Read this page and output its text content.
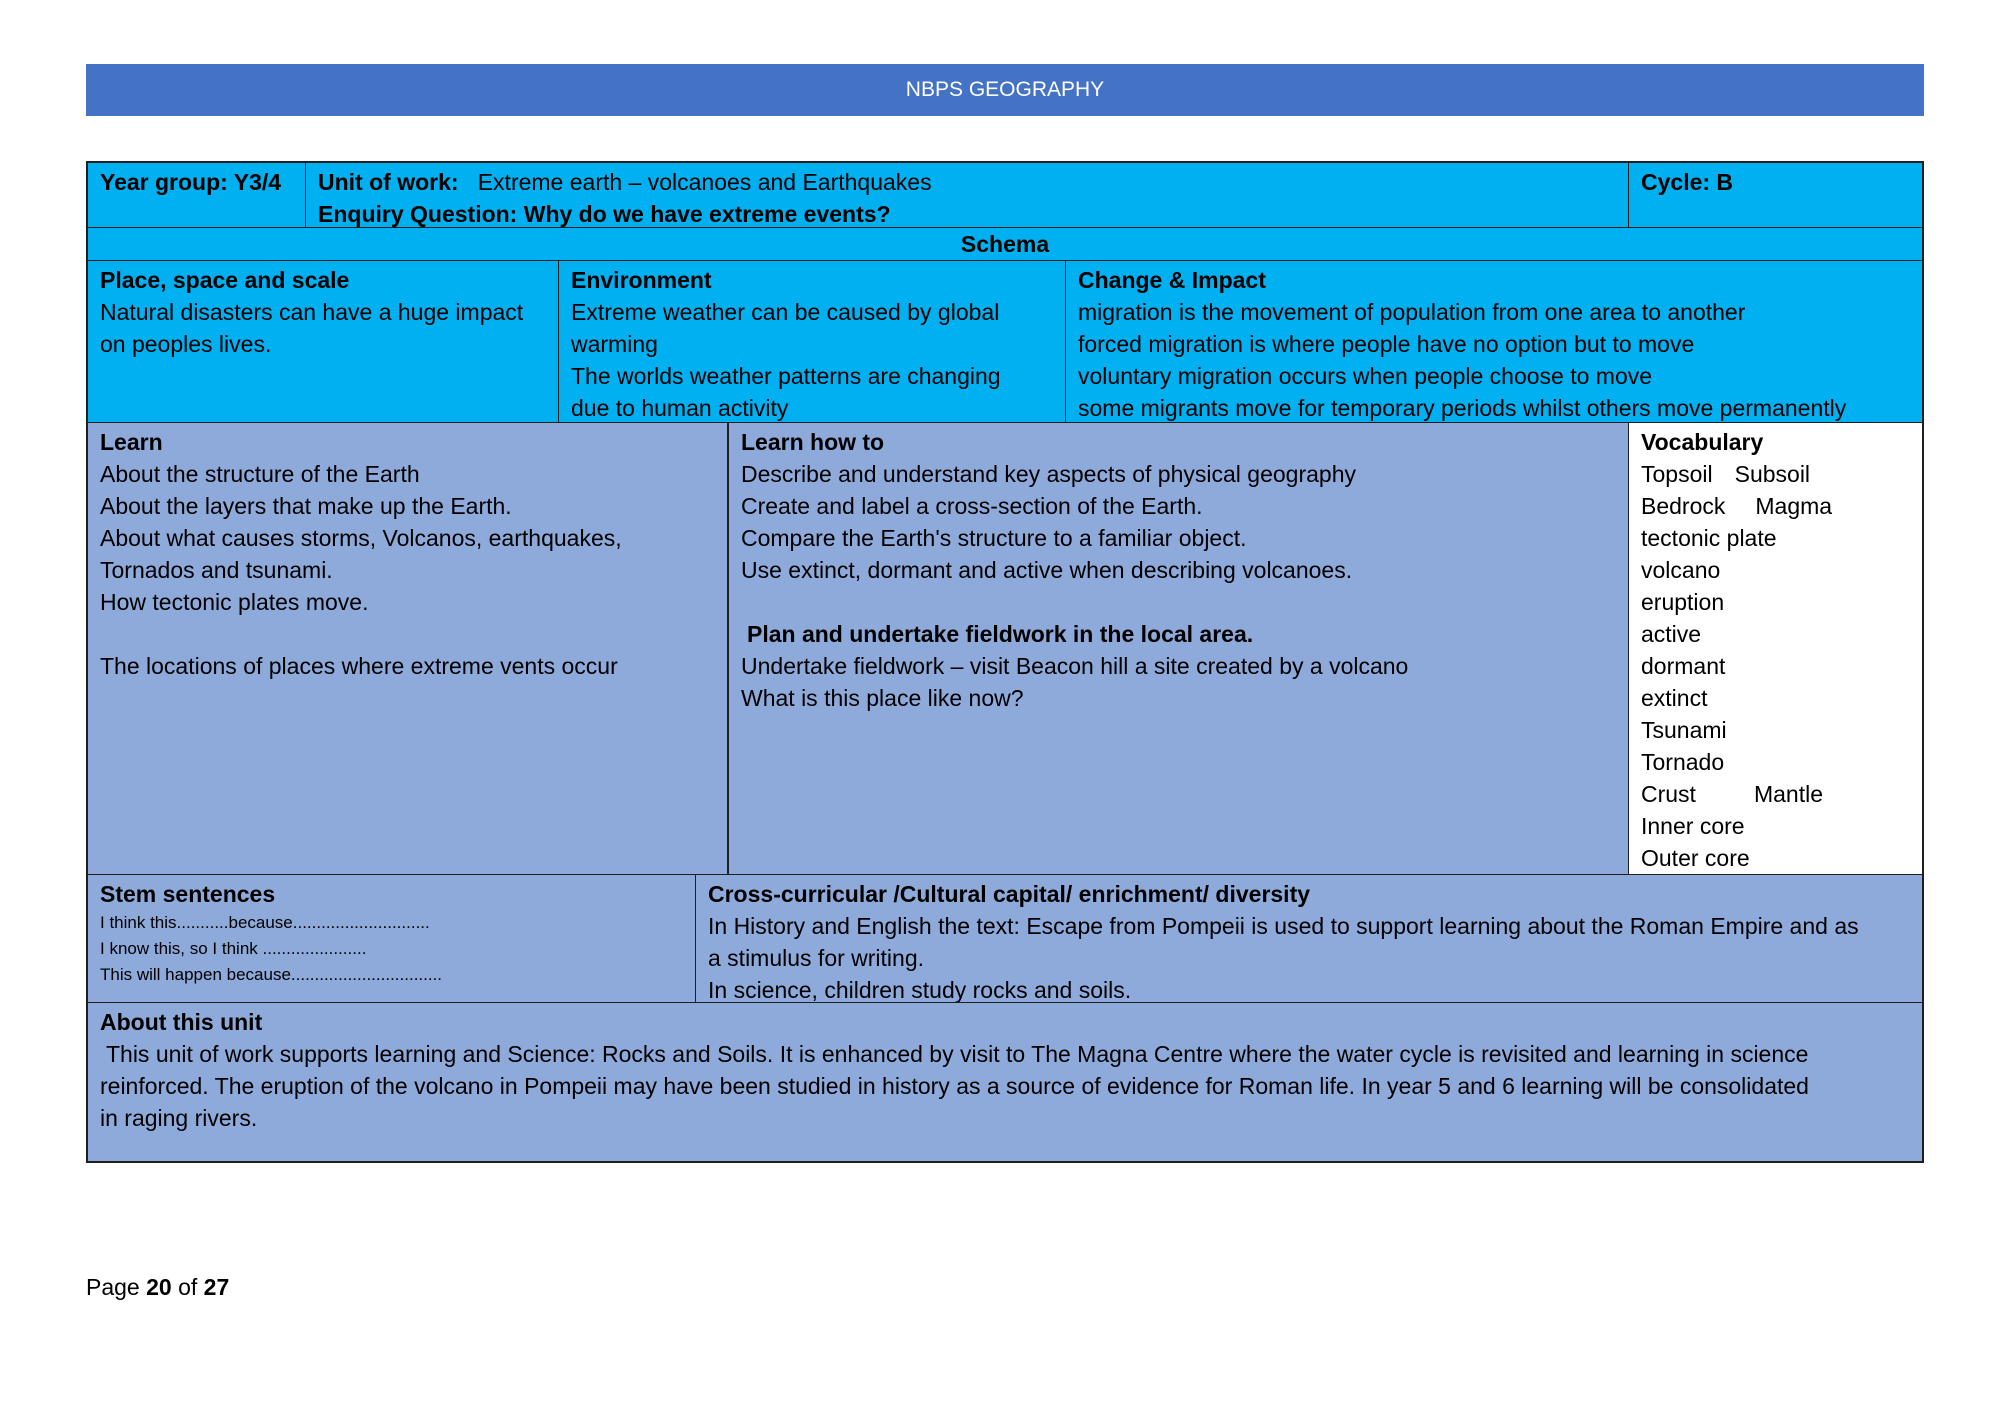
NBPS GEOGRAPHY
Year group: Y3/4	Unit of work: Extreme earth – volcanoes and Earthquakes
Enquiry Question: Why do we have extreme events?
Cycle: B
Schema
Place, space and scale
Natural disasters can have a huge impact
on peoples lives.
Environment
Extreme weather can be caused by global
warming
The worlds weather patterns are changing
due to human activity
Change & Impact
migration is the movement of population from one area to another
forced migration is where people have no option but to move
voluntary migration occurs when people choose to move
some migrants move for temporary periods whilst others move permanently
Learn
About the structure of the Earth
About the layers that make up the Earth.
About what causes storms, Volcanos, earthquakes,
Tornados and tsunami.
How tectonic plates move.

The locations of places where extreme vents occur
Learn how to
Describe and understand key aspects of physical geography
Create and label a cross-section of the Earth.
Compare the Earth's structure to a familiar object.
Use extinct, dormant and active when describing volcanoes.

Plan and undertake fieldwork in the local area.
Undertake fieldwork – visit Beacon hill a site created by a volcano
What is this place like now?
Vocabulary
Topsoil Subsoil
Bedrock Magma
tectonic plate
volcano
eruption
active
dormant
extinct
Tsunami
Tornado
Crust	Mantle
Inner core
Outer core
Stem sentences
I think this...........because.............................
I know this, so I think ......................
This will happen because................................
Cross-curricular /Cultural capital/ enrichment/ diversity
In History and English the text: Escape from Pompeii is used to support learning about the Roman Empire and as
a stimulus for writing.
In science, children study rocks and soils.
About this unit
This unit of work supports learning and Science: Rocks and Soils. It is enhanced by visit to The Magna Centre where the water cycle is revisited and learning in science
reinforced. The eruption of the volcano in Pompeii may have been studied in history as a source of evidence for Roman life. In year 5 and 6 learning will be consolidated
in raging rivers.
Page 20 of 27
